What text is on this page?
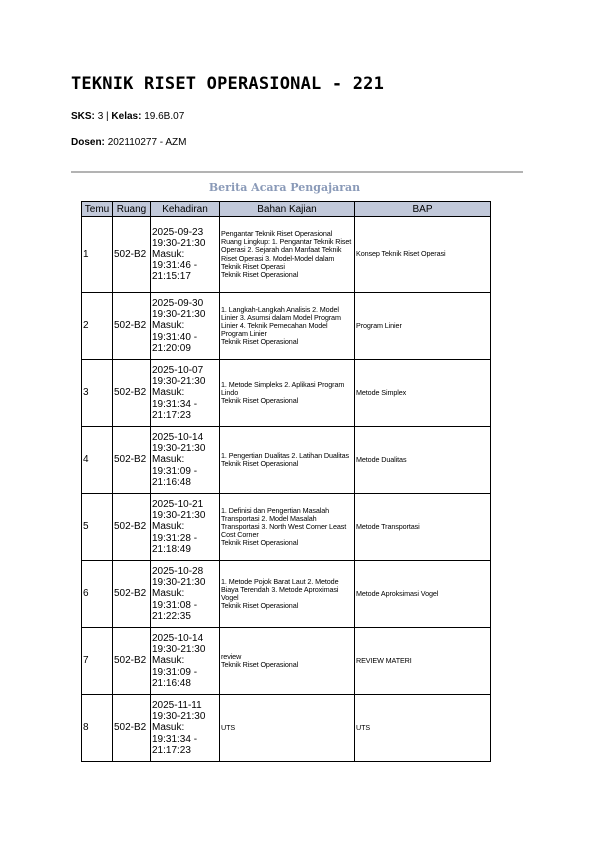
TEKNIK RISET OPERASIONAL - 221
SKS: 3 | Kelas: 19.6B.07
Dosen: 202110277 - AZM
Berita Acara Pengajaran
Temu	Ruang	Kehadiran	Bahan Kajian	BAP
1	502-B2	2025-09-23
19:30-21:30
Masuk:
19:31:46 -
21:15:17	Pengantar Teknik Riset Operasional Ruang Lingkup: 1. Pengantar Teknik Riset Operasi 2. Sejarah dan Manfaat Teknik Riset Operasi 3. Model-Model dalam Teknik Riset Operasi
Teknik Riset Operasional	Konsep Teknik Riset Operasi
2	502-B2	2025-09-30
19:30-21:30
Masuk:
19:31:40 -
21:20:09	1. Langkah-Langkah Analisis 2. Model Linier 3. Asumsi dalam Model Program Linier 4. Teknik Pemecahan Model Program Linier
Teknik Riset Operasional	Program Linier
3	502-B2	2025-10-07
19:30-21:30
Masuk:
19:31:34 -
21:17:23	1. Metode Simpleks 2. Aplikasi Program Lindo
Teknik Riset Operasional	Metode Simplex
4	502-B2	2025-10-14
19:30-21:30
Masuk:
19:31:09 -
21:16:48	1. Pengertian Dualitas 2. Latihan Dualitas
Teknik Riset Operasional	Metode Dualitas
5	502-B2	2025-10-21
19:30-21:30
Masuk:
19:31:28 -
21:18:49	1. Definisi dan Pengertian Masalah Transportasi 2. Model Masalah Transportasi 3. North West Corner Least Cost Corner
Teknik Riset Operasional	Metode Transportasi
6	502-B2	2025-10-28
19:30-21:30
Masuk:
19:31:08 -
21:22:35	1. Metode Pojok Barat Laut 2. Metode Biaya Terendah 3. Metode Aproximasi Vogel
Teknik Riset Operasional	Metode Aproksimasi Vogel
7	502-B2	2025-10-14
19:30-21:30
Masuk:
19:31:09 -
21:16:48	review
Teknik Riset Operasional	REVIEW MATERI
8	502-B2	2025-11-11
19:30-21:30
Masuk:
19:31:34 -
21:17:23	UTS	UTS
